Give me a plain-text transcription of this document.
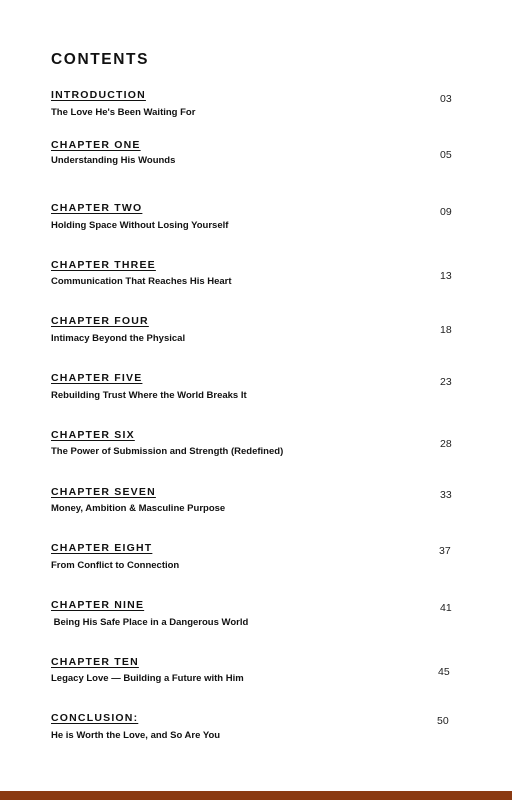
CONTENTS
INTRODUCTION
The Love He's Been Waiting For
03
CHAPTER ONE
Understanding His Wounds	05
CHAPTER TWO
Holding Space Without Losing Yourself
09
CHAPTER THREE
Communication That Reaches His Heart	13
CHAPTER FOUR
Intimacy Beyond the Physical
18
CHAPTER FIVE
Rebuilding Trust Where the World Breaks It
23
CHAPTER SIX
The Power of Submission and Strength (Redefined)
28
CHAPTER SEVEN
Money, Ambition & Masculine Purpose
33
CHAPTER EIGHT
From Conflict to Connection
37
CHAPTER NINE
Being His Safe Place in a Dangerous World
41
CHAPTER TEN
Legacy Love — Building a Future with Him
45
CONCLUSION:
He is Worth the Love, and So Are You
50
